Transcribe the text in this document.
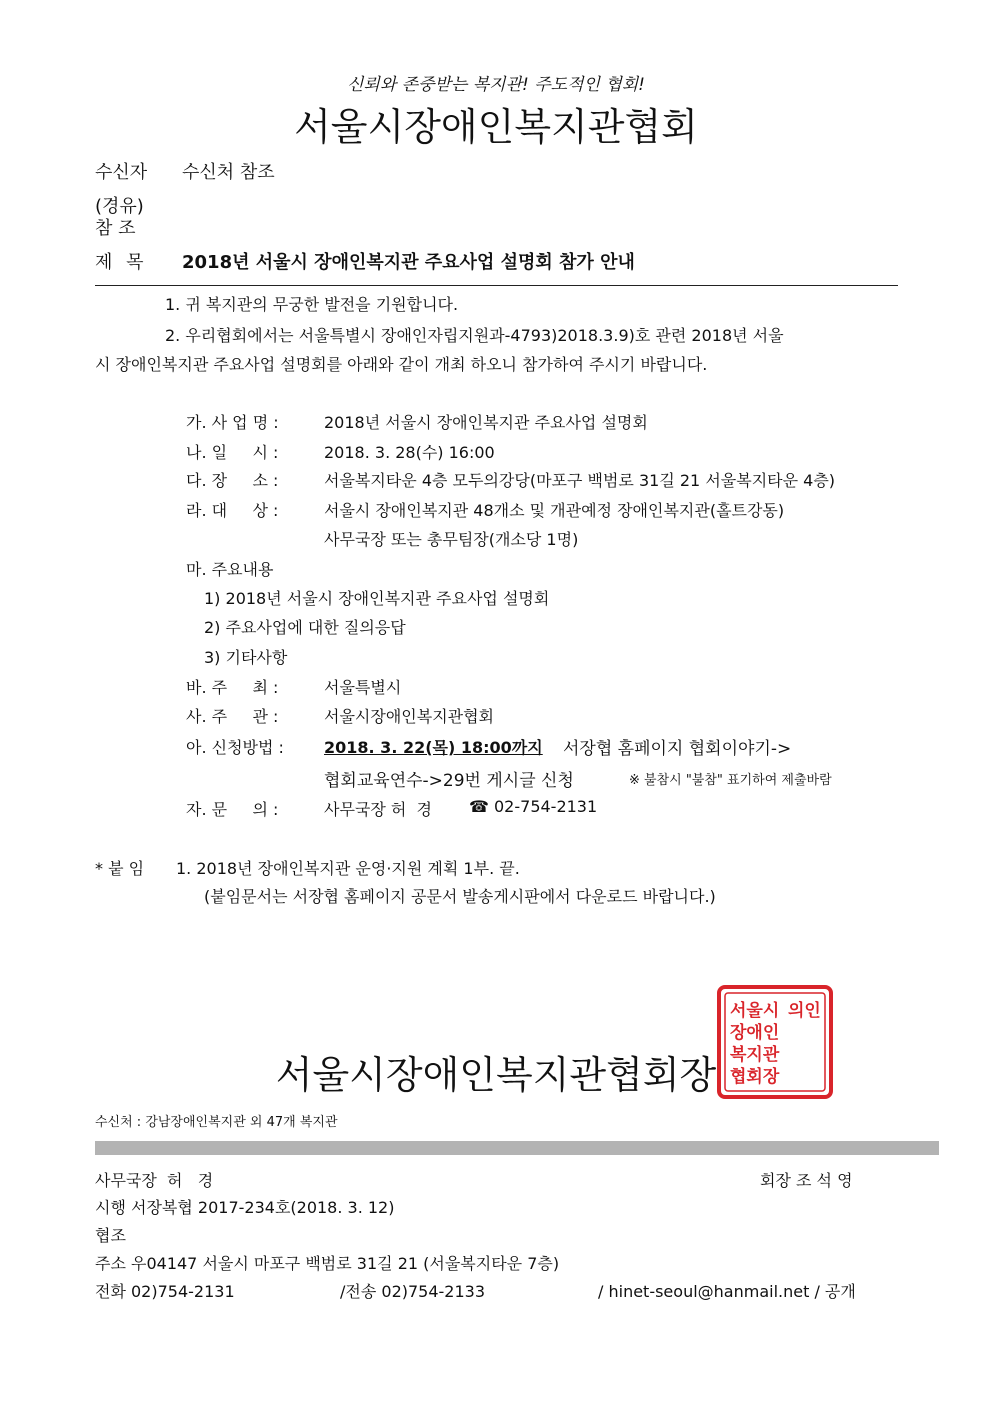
신뢰와 존중받는 복지관! 주도적인 협회!
서울시장애인복지관협회
수신자 수신처 참조
(경유)
참 조
제 목 2018년 서울시 장애인복지관 주요사업 설명회 참가 안내
1. 귀 복지관의 무궁한 발전을 기원합니다.
2. 우리협회에서는 서울특별시 장애인자립지원과-4793)2018.3.9)호 관련 2018년 서울
시 장애인복지관 주요사업 설명회를 아래와 같이 개최 하오니 참가하여 주시기 바랍니다.
가. 사 업 명 :	2018년 서울시 장애인복지관 주요사업 설명회
나. 일     시 :	2018. 3. 28(수) 16:00
다. 장     소 :	서울복지타운 4층 모두의강당(마포구 백범로 31길 21 서울복지타운 4층)
라. 대     상 :	서울시 장애인복지관 48개소 및 개관예정 장애인복지관(홀트강동)
사무국장 또는 총무팀장(개소당 1명)
마. 주요내용
1) 2018년 서울시 장애인복지관 주요사업 설명회
2) 주요사업에 대한 질의응답
3) 기타사항
바. 주     최 :	서울특별시
사. 주     관 :	서울시장애인복지관협회
아. 신청방법 :	2018. 3. 22(목) 18:00까지 서장협 홈페이지 협회이야기->
협회교육연수->29번 게시글 신청	※ 불참시 "불참" 표기하여 제출바람
자. 문     의 :	사무국장 허  경 ☎ 02-754-2131
* 붙 임 1. 2018년 장애인복지관 운영·지원 계획 1부. 끝.
(붙임문서는 서장협 홈페이지 공문서 발송게시판에서 다운로드 바랍니다.)
서울시
장애인
복지관
협회장
의인
서울시장애인복지관협회장
수신처 : 강남장애인복지관 외 47개 복지관
사무국장  허   경	회장 조 석 영
시행 서장복협 2017-234호(2018. 3. 12)
협조
주소 우04147 서울시 마포구 백범로 31길 21 (서울복지타운 7층)
전화 02)754-2131	/전송 02)754-2133	/ hinet-seoul@hanmail.net / 공개
